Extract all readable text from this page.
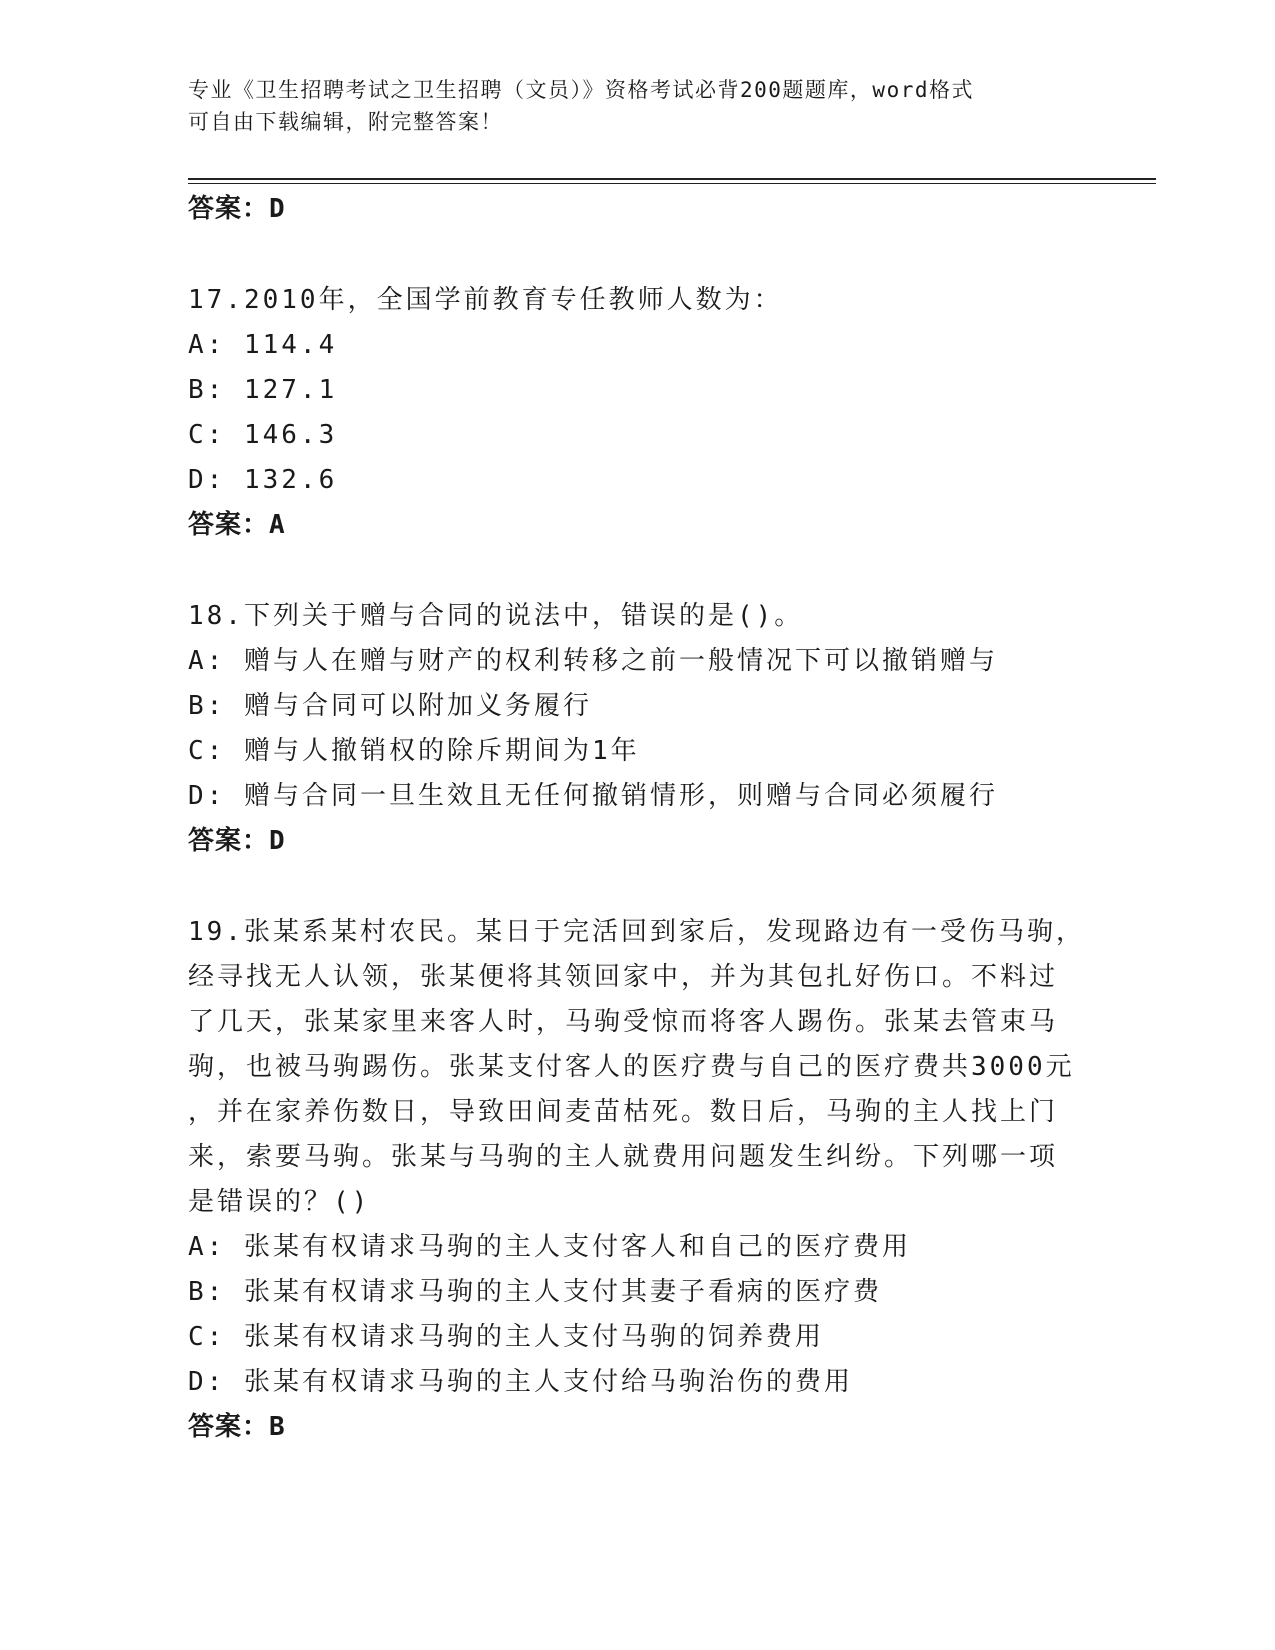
专业《卫生招聘考试之卫生招聘（文员）》资格考试必背200题题库，word格式
可自由下载编辑，附完整答案！

答案：D

17.2010年，全国学前教育专任教师人数为：

A: 114.4

B: 127.1

C: 146.3

D: 132.6

答案：A

18.下列关于赠与合同的说法中，错误的是()。

A: 赠与人在赠与财产的权利转移之前一般情况下可以撤销赠与

B: 赠与合同可以附加义务履行

C: 赠与人撤销权的除斥期间为1年

D: 赠与合同一旦生效且无任何撤销情形，则赠与合同必须履行

答案：D

19.张某系某村农民。某日于完活回到家后，发现路边有一受伤马驹，

经寻找无人认领，张某便将其领回家中，并为其包扎好伤口。不料过

了几天，张某家里来客人时，马驹受惊而将客人踢伤。张某去管束马

驹，也被马驹踢伤。张某支付客人的医疗费与自己的医疗费共3000元

，并在家养伤数日，导致田间麦苗枯死。数日后，马驹的主人找上门

来，索要马驹。张某与马驹的主人就费用问题发生纠纷。下列哪一项

是错误的？()

A: 张某有权请求马驹的主人支付客人和自己的医疗费用

B: 张某有权请求马驹的主人支付其妻子看病的医疗费

C: 张某有权请求马驹的主人支付马驹的饲养费用

D: 张某有权请求马驹的主人支付给马驹治伤的费用

答案：B
